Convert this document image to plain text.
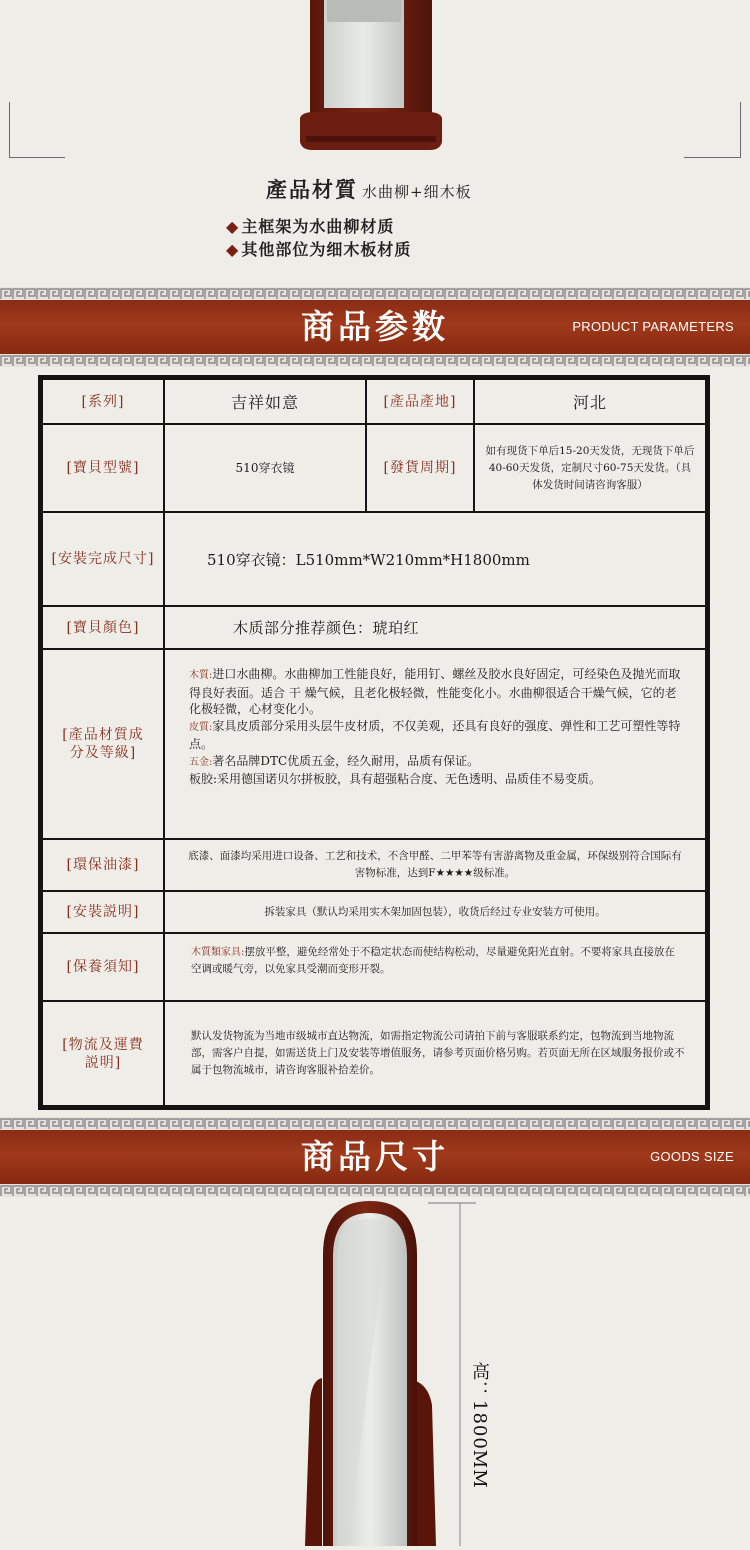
產品材質 水曲柳+细木板
◆ 主框架为水曲柳材质
◆ 其他部位为细木板材质
商品参数	PRODUCT PARAMETERS
[系列]	吉祥如意	[產品產地]	河北
[寶貝型號]	510穿衣镜	[發貨周期]
如有现货下单后15-20天发货，无现货下单后40-60天发货，定制尺寸60-75天发货。（具体发货时间请咨询客服）
[安裝完成尺寸]	510穿衣镜：L510mm*W210mm*H1800mm
[寶貝顏色]	木质部分推荐颜色：琥珀红
[產品材質成分及等級]
木質:进口水曲柳。水曲柳加工性能良好，能用钉、螺丝及胶水良好固定，可经染色及抛光而取得良好表面。适合 干 燥气候，且老化极轻微，性能变化小。水曲柳很适合干燥气候，它的老化极轻微，心材变化小。
皮質:家具皮质部分采用头层牛皮材质，不仅美观，还具有良好的强度、弹性和工艺可塑性等特点。
五金:著名品牌DTC优质五金，经久耐用，品质有保证。
板胶:采用德国诺贝尔拼板胶，具有超强粘合度、无色透明、品质佳不易变质。
[環保油漆]
底漆、面漆均采用进口设备、工艺和技术，不含甲醛、二甲苯等有害游离物及重金属，环保级别符合国际有害物标准，达到F★★★★级标准。
[安裝説明]	拆装家具（默认均采用实木架加固包装），收货后经过专业安装方可使用。
[保養須知]
木質類家具:摆放平整，避免经常处于不稳定状态而使结构松动，尽量避免阳光直射。不要将家具直接放在空调或暖气旁，以免家具受潮而变形开裂。
[物流及運費説明]
默认发货物流为当地市级城市直达物流，如需指定物流公司请拍下前与客服联系约定，包物流到当地物流部，需客户自提，如需送货上门及安装等增值服务，请参考页面价格另购。若页面无所在区域服务报价或不属于包物流城市，请咨询客服补拾差价。
商品尺寸	GOODS SIZE
高：1800MM
